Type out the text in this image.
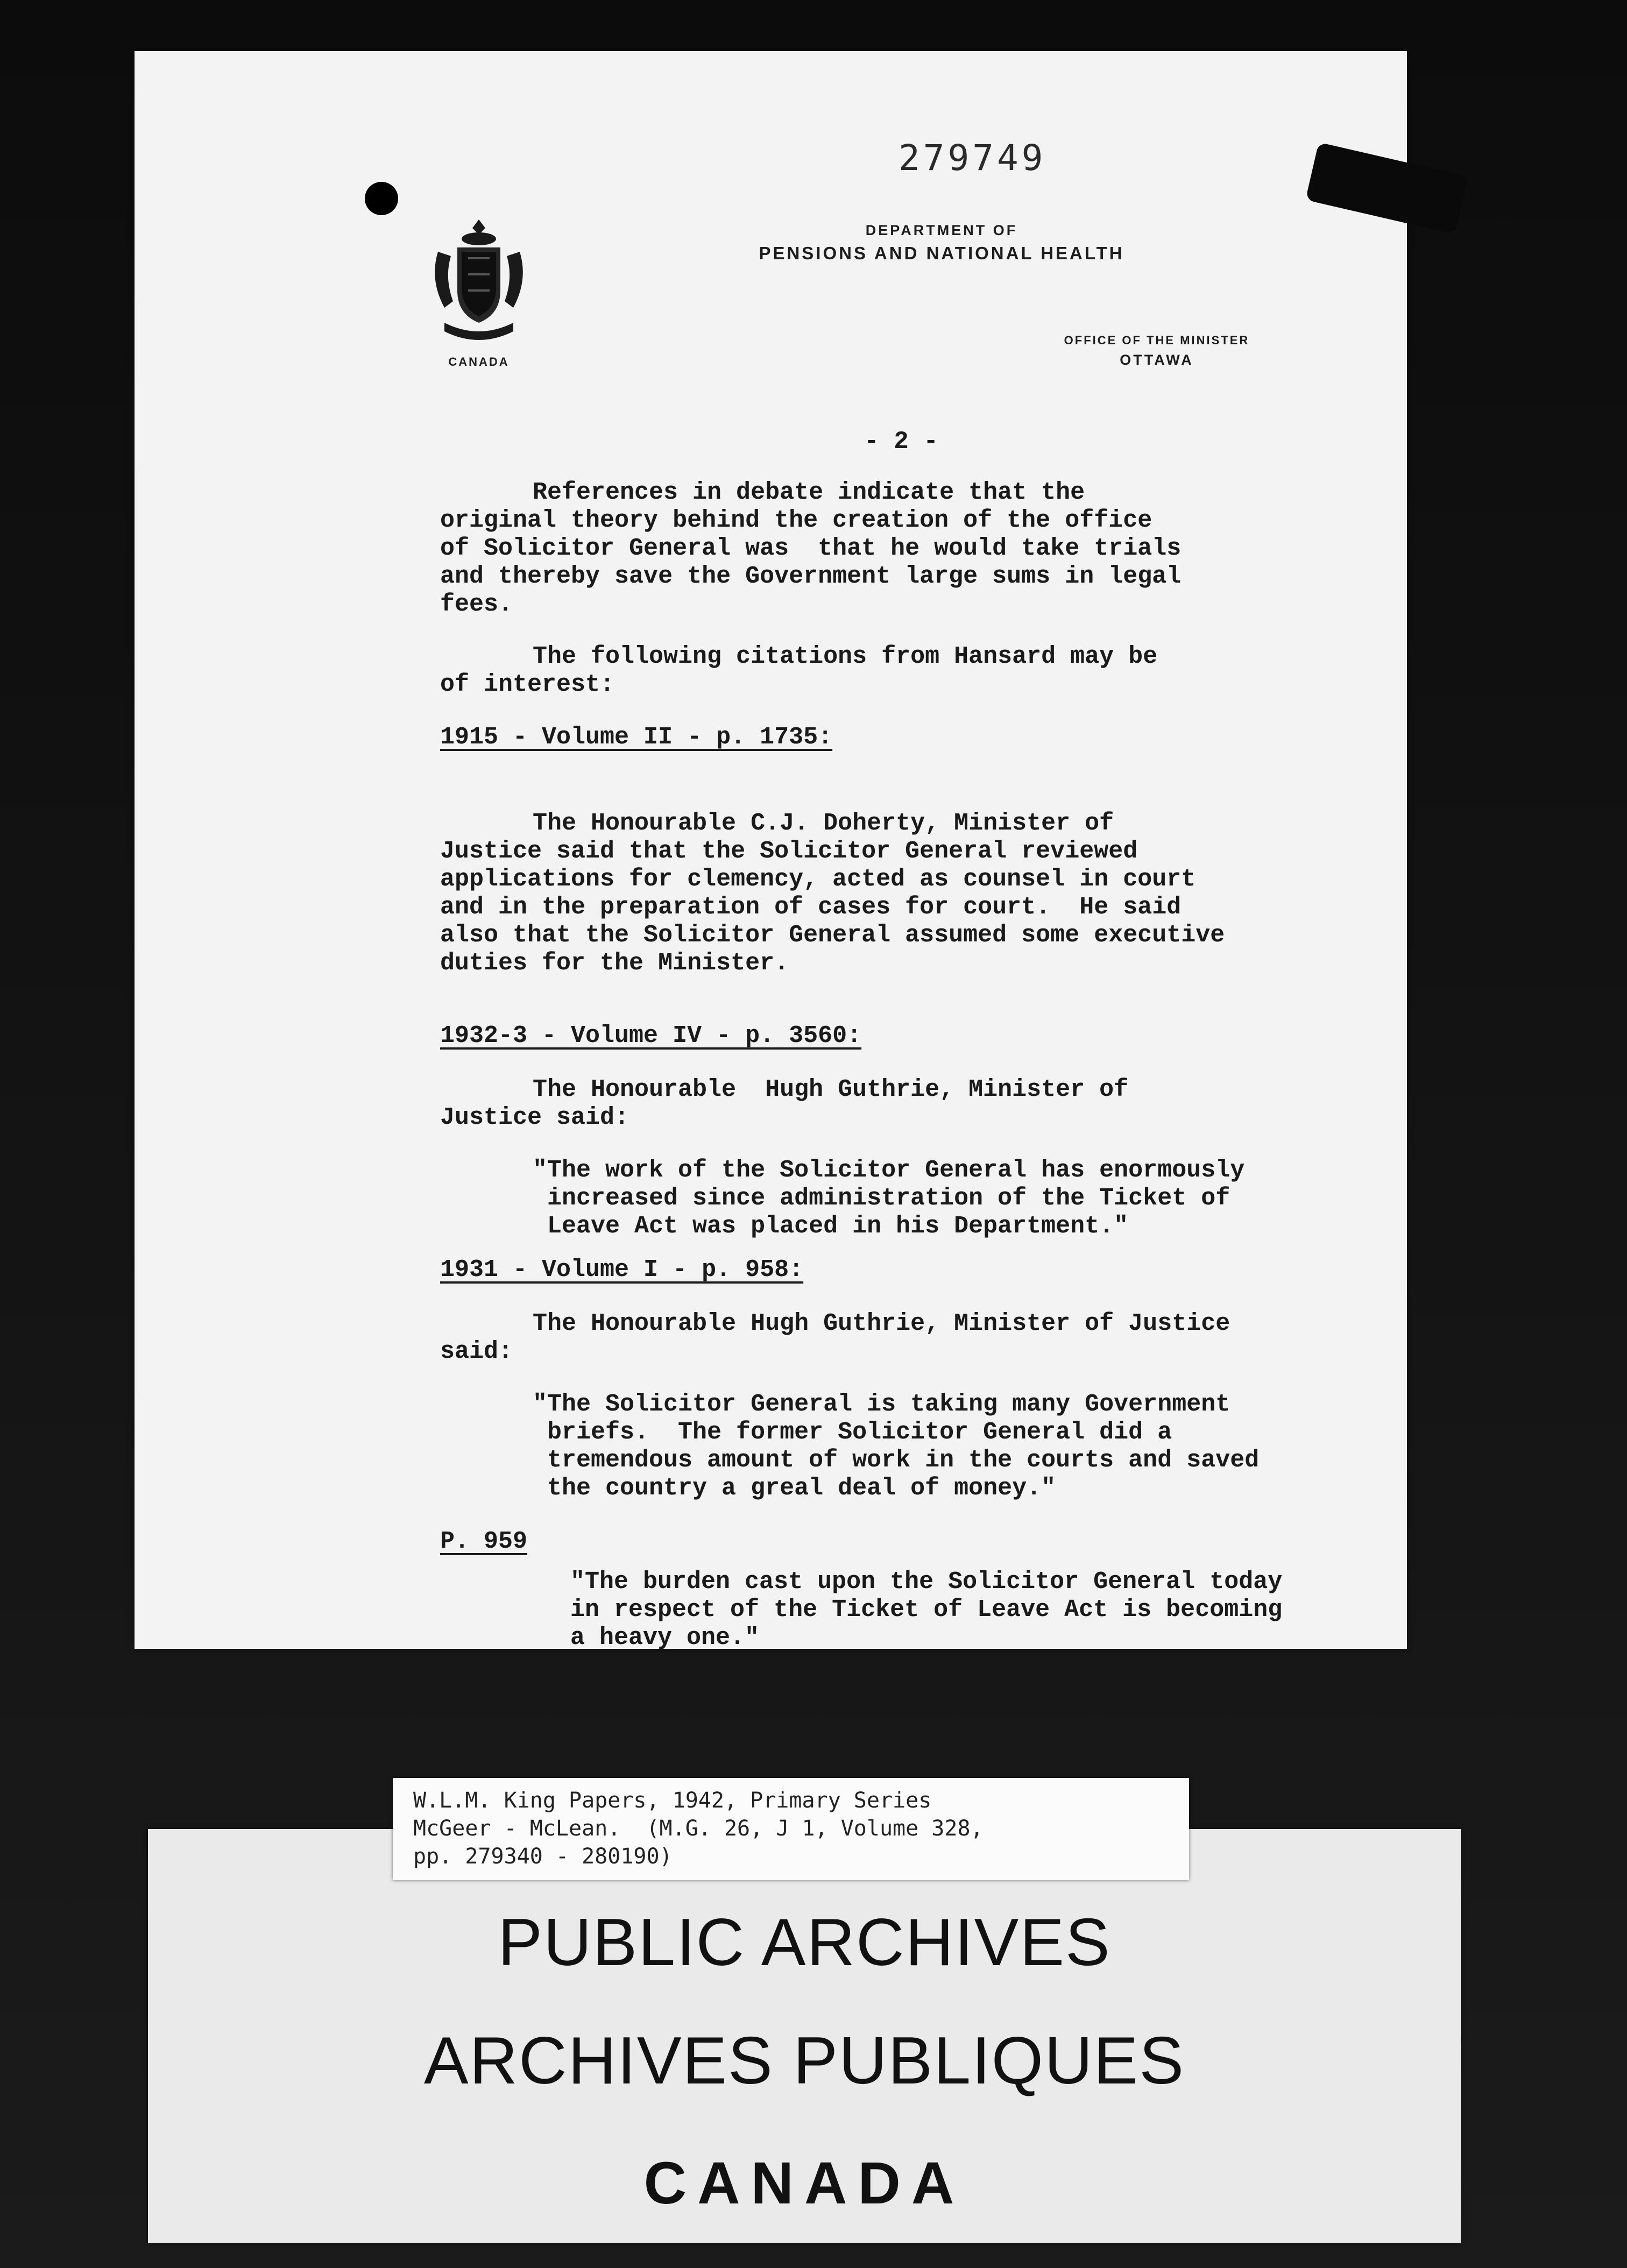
279749
CANADA
DEPARTMENT OF
PENSIONS AND NATIONAL HEALTH
OFFICE OF THE MINISTER
OTTAWA
- 2 -
References in debate indicate that the
original theory behind the creation of the office
of Solicitor General was  that he would take trials
and thereby save the Government large sums in legal
fees.
The following citations from Hansard may be
of interest:
1915 - Volume II - p. 1735:
The Honourable C.J. Doherty, Minister of
Justice said that the Solicitor General reviewed
applications for clemency, acted as counsel in court
and in the preparation of cases for court.  He said
also that the Solicitor General assumed some executive
duties for the Minister.
1932-3 - Volume IV - p. 3560:
The Honourable  Hugh Guthrie, Minister of
Justice said:
"The work of the Solicitor General has enormously
increased since administration of the Ticket of
Leave Act was placed in his Department."
1931 - Volume I - p. 958:
The Honourable Hugh Guthrie, Minister of Justice
said:
"The Solicitor General is taking many Government
briefs.  The former Solicitor General did a
tremendous amount of work in the courts and saved
the country a greal deal of money."
P. 959
"The burden cast upon the Solicitor General today
in respect of the Ticket of Leave Act is becoming
a heavy one."
PUBLIC ARCHIVES
ARCHIVES PUBLIQUES
CANADA
W.L.M. King Papers, 1942, Primary Series
McGeer - McLean.  (M.G. 26, J 1, Volume 328,
pp. 279340 - 280190)
